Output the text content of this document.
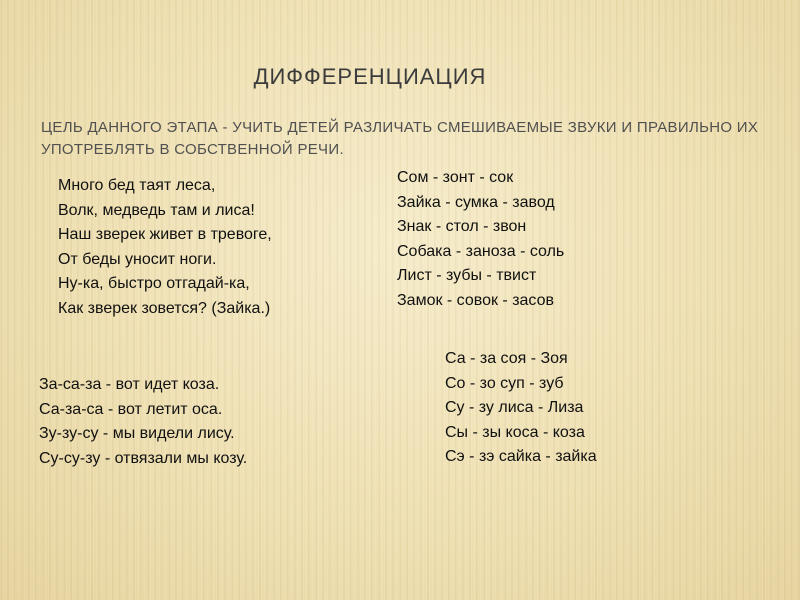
ДИФФЕРЕНЦИАЦИЯ
ЦЕЛЬ ДАННОГО ЭТАПА - УЧИТЬ ДЕТЕЙ РАЗЛИЧАТЬ СМЕШИВАЕМЫЕ ЗВУКИ И ПРАВИЛЬНО ИХ УПОТРЕБЛЯТЬ В СОБСТВЕННОЙ РЕЧИ.
Много бед таят леса,
Волк, медведь там и лиса!
Наш зверек живет в тревоге,
От беды уносит ноги.
Ну-ка, быстро отгадай-ка,
Как зверек зовется? (Зайка.)
Сом - зонт - сок
Зайка - сумка - завод
Знак - стол - звон
Собака - заноза - соль
Лист - зубы - твист
Замок - совок - засов
За-са-за - вот идет коза.
Са-за-са - вот летит оса.
Зу-зу-су - мы видели лису.
Су-су-зу - отвязали мы козу.
Са - за соя - Зоя
Со - зо суп - зуб
Су - зу лиса - Лиза
Сы - зы коса - коза
Сэ - зэ сайка - зайка
